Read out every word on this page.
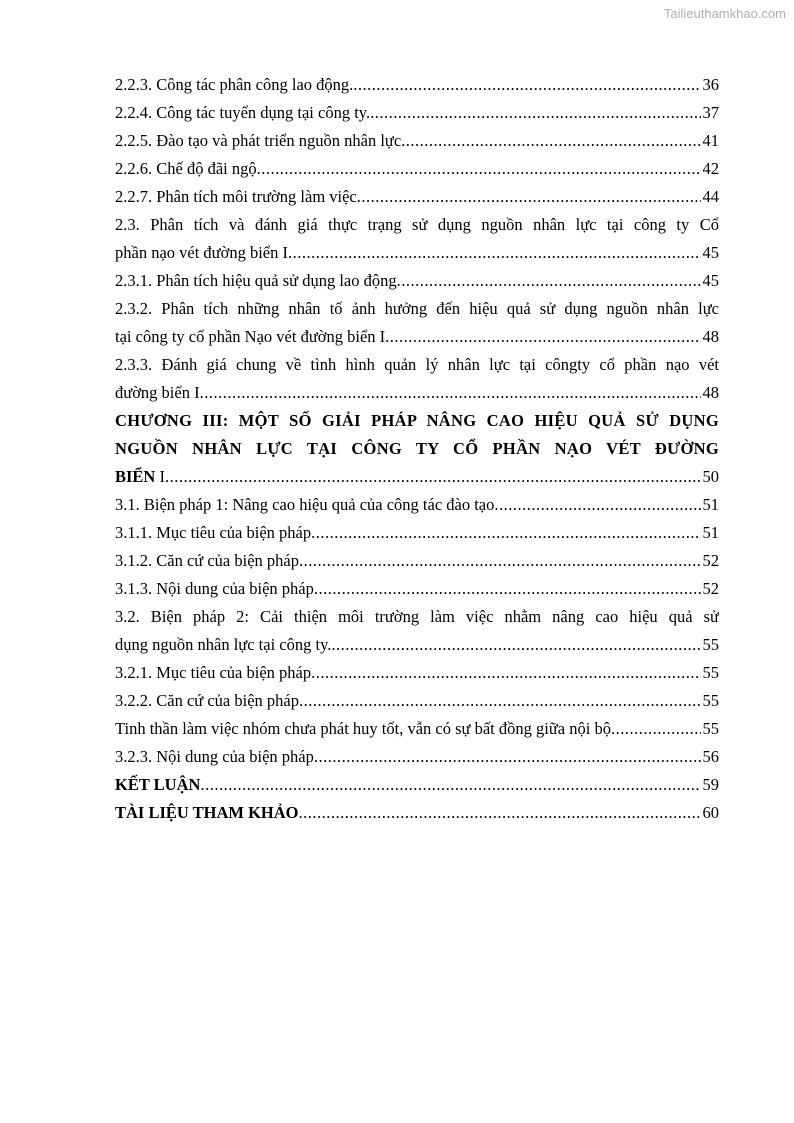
Tailieuthamkhao.com
2.2.3. Công tác phân công lao động. .....	36
2.2.4. Công tác tuyển dụng tại công ty. .....	37
2.2.5. Đào tạo và phát triển nguồn nhân lực .....	41
2.2.6. Chế độ đãi ngộ .....	42
2.2.7. Phân tích môi trường làm việc .....	44
2.3. Phân tích và đánh giá thực trạng sử dụng nguồn nhân lực tại công ty Cổ
phần nạo vét đường biển I .....	45
2.3.1. Phân tích hiệu quả sử dụng lao động .....	45
2.3.2. Phân tích những nhân tố ảnh hưởng đến hiệu quả sử dụng nguồn nhân lực
tại công ty cổ phần Nạo vét đường biển I .....	48
2.3.3. Đánh giá chung về tình hình quản lý nhân lực tại côngty cổ phần nạo vét
đường biển I .....	48
CHƯƠNG III: MỘT SỐ GIẢI PHÁP NÂNG CAO HIỆU QUẢ SỬ DỤNG
NGUỒN NHÂN LỰC TẠI CÔNG TY CỔ PHẦN NẠO VÉT ĐƯỜNG
BIỂN I .....	50
3.1. Biện pháp 1: Nâng cao hiệu quả của công tác đào tạo .....	51
3.1.1. Mục tiêu của biện pháp .....	51
3.1.2. Căn cứ của biện pháp .....	52
3.1.3. Nội dung của biện pháp .....	52
3.2. Biện pháp 2: Cải thiện môi trường làm việc nhằm nâng cao hiệu quả sử
dụng nguồn nhân lực tại công ty. .....	55
3.2.1. Mục tiêu của biện pháp .....	55
3.2.2. Căn cứ của biện pháp .....	55
Tinh thần làm việc nhóm chưa phát huy tốt, vẫn có sự bất đồng giữa nội bộ .....	55
3.2.3. Nội dung của biện pháp .....	56
KẾT LUẬN .....	59
TÀI LIỆU THAM KHẢO .....	60
